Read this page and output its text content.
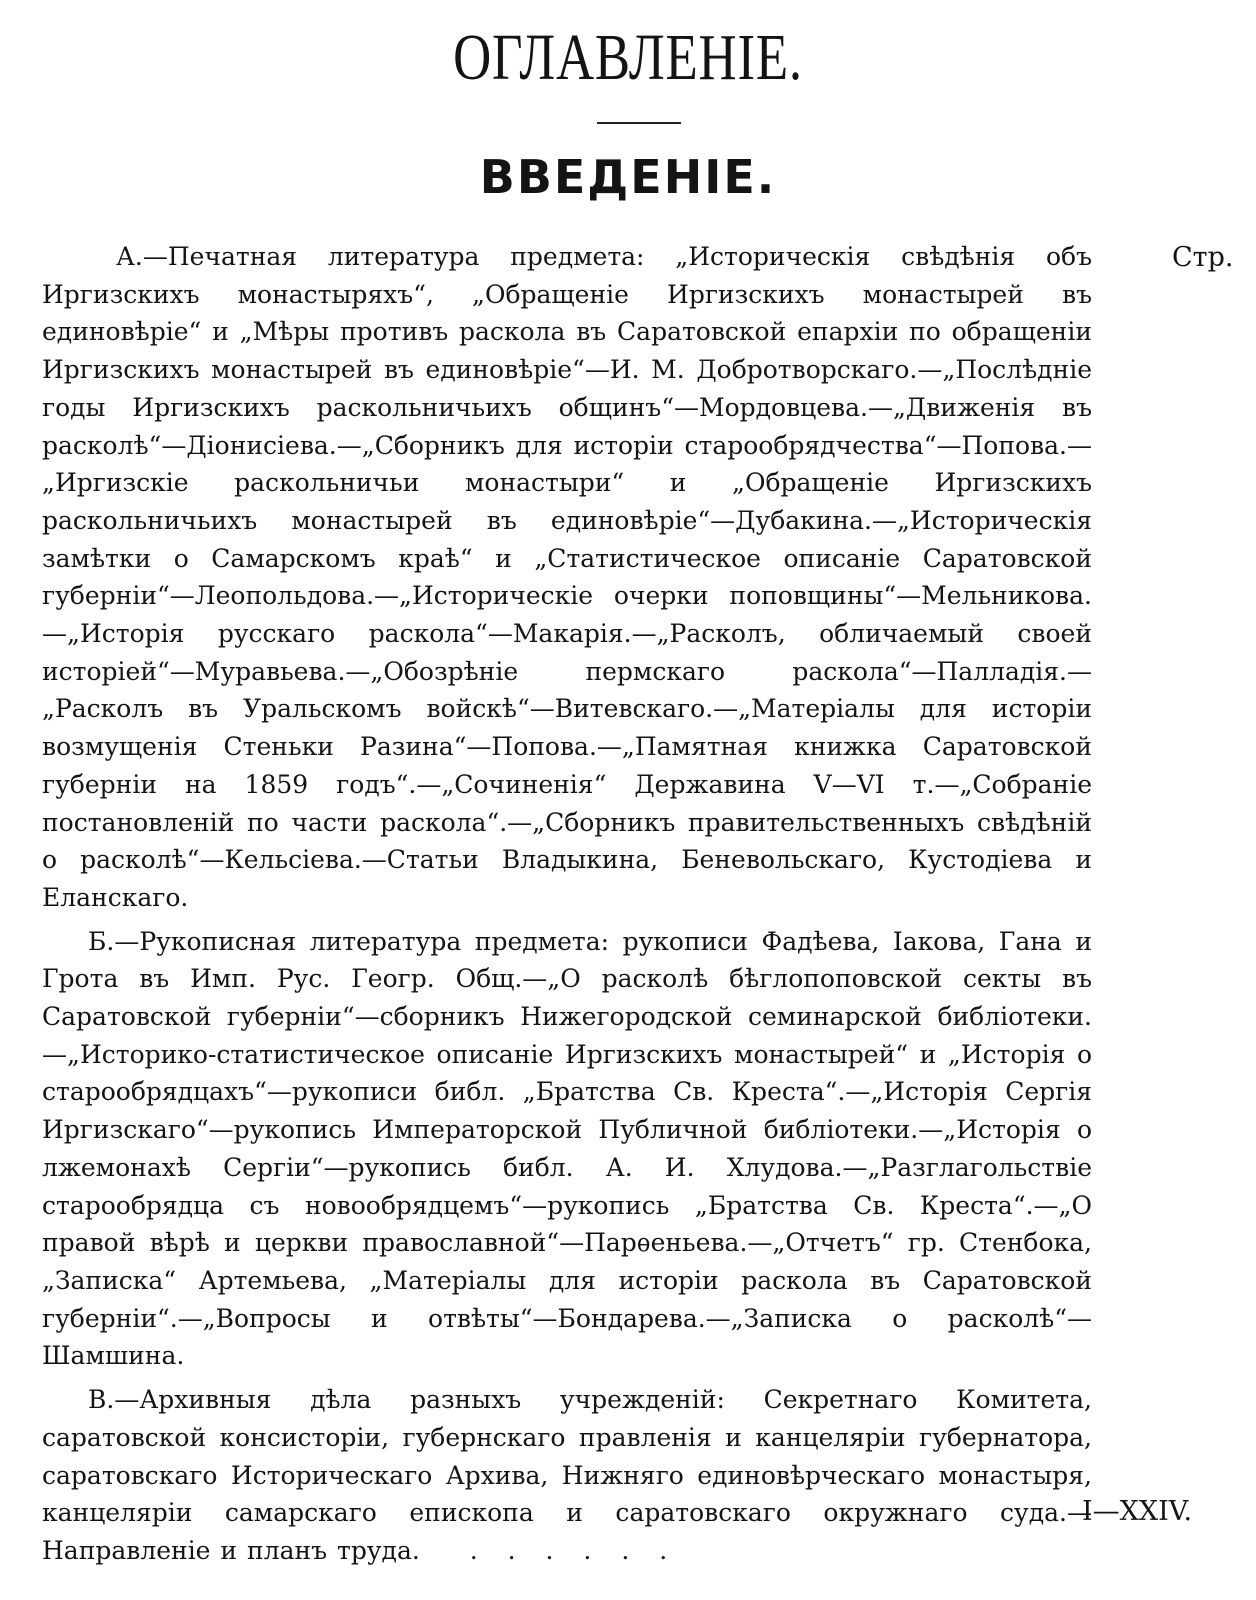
ОГЛАВЛЕНІЕ.
ВВЕДЕНІЕ.
Стр.

А.—Печатная литература предмета: „Историческія свѣдѣнія объ Иргизскихъ монастыряхъ“, „Обращеніе Иргизскихъ монастырей въ единовѣріе“ и „Мѣры противъ раскола въ Саратовской епархіи по обращеніи Иргизскихъ монастырей въ единовѣріе“—И. М. Добротворскаго.—„Послѣдніе годы Иргизскихъ раскольничьихъ общинъ“—Мордовцева.—„Движенія въ расколѣ“—Діонисіева.—„Сборникъ для исторіи старообрядчества“—Попова.—„Иргизскіе раскольничьи монастыри“ и „Обращеніе Иргизскихъ раскольничьихъ монастырей въ единовѣріе“—Дубакина.—„Историческія замѣтки о Самарскомъ краѣ“ и „Статистическое описаніе Саратовской губерніи“—Леопольдова.—„Историческіе очерки поповщины“—Мельникова.—„Исторія русскаго раскола“—Макарія.—„Расколъ, обличаемый своей исторіей“—Муравьева.—„Обозрѣніе пермскаго раскола“—Палладія.—„Расколъ въ Уральскомъ войскѣ“—Витевскаго.—„Матеріалы для исторіи возмущенія Стеньки Разина“—Попова.—„Памятная книжка Саратовской губерніи на 1859 годъ“.—„Сочиненія“ Державина V—VI т.—„Собраніе постановленій по части раскола“.—„Сборникъ правительственныхъ свѣдѣній о расколѣ“—Кельсіева.—Статьи Владыкина, Беневольскаго, Кустодіева и Еланскаго.

Б.—Рукописная литература предмета: рукописи Фадѣева, Іакова, Гана и Грота въ Имп. Рус. Геогр. Общ.—„О расколѣ бѣглопоповской секты въ Саратовской губерніи“—сборникъ Нижегородской семинарской библіотеки.—„Историко-статистическое описаніе Иргизскихъ монастырей“ и „Исторія о старообрядцахъ“—рукописи библ. „Братства Св. Креста“.—„Исторія Сергія Иргизскаго“—рукопись Императорской Публичной библіотеки.—„Исторія о лжемонахѣ Сергіи“—рукопись библ. А. И. Хлудова.—„Разглагольствіе старообрядца съ новообрядцемъ“—рукопись „Братства Св. Креста“.—„О правой вѣрѣ и церкви православной“—Парѳеньева.—„Отчетъ“ гр. Стенбока, „Записка“ Артемьева, „Матеріалы для исторіи раскола въ Саратовской губерніи“.—„Вопросы и отвѣты“—Бондарева.—„Записка о расколѣ“—Шамшина.

В.—Архивныя дѣла разныхъ учрежденій: Секретнаго Комитета, саратовской консисторіи, губернскаго правленія и канцеляріи губернатора, саратовскаго Историческаго Архива, Нижняго единовѣрческаго монастыря, канцеляріи самарскаго епископа и саратовскаго окружнаго суда.—Направленіе и планъ труда. . . . . . .

I—XXIV.
